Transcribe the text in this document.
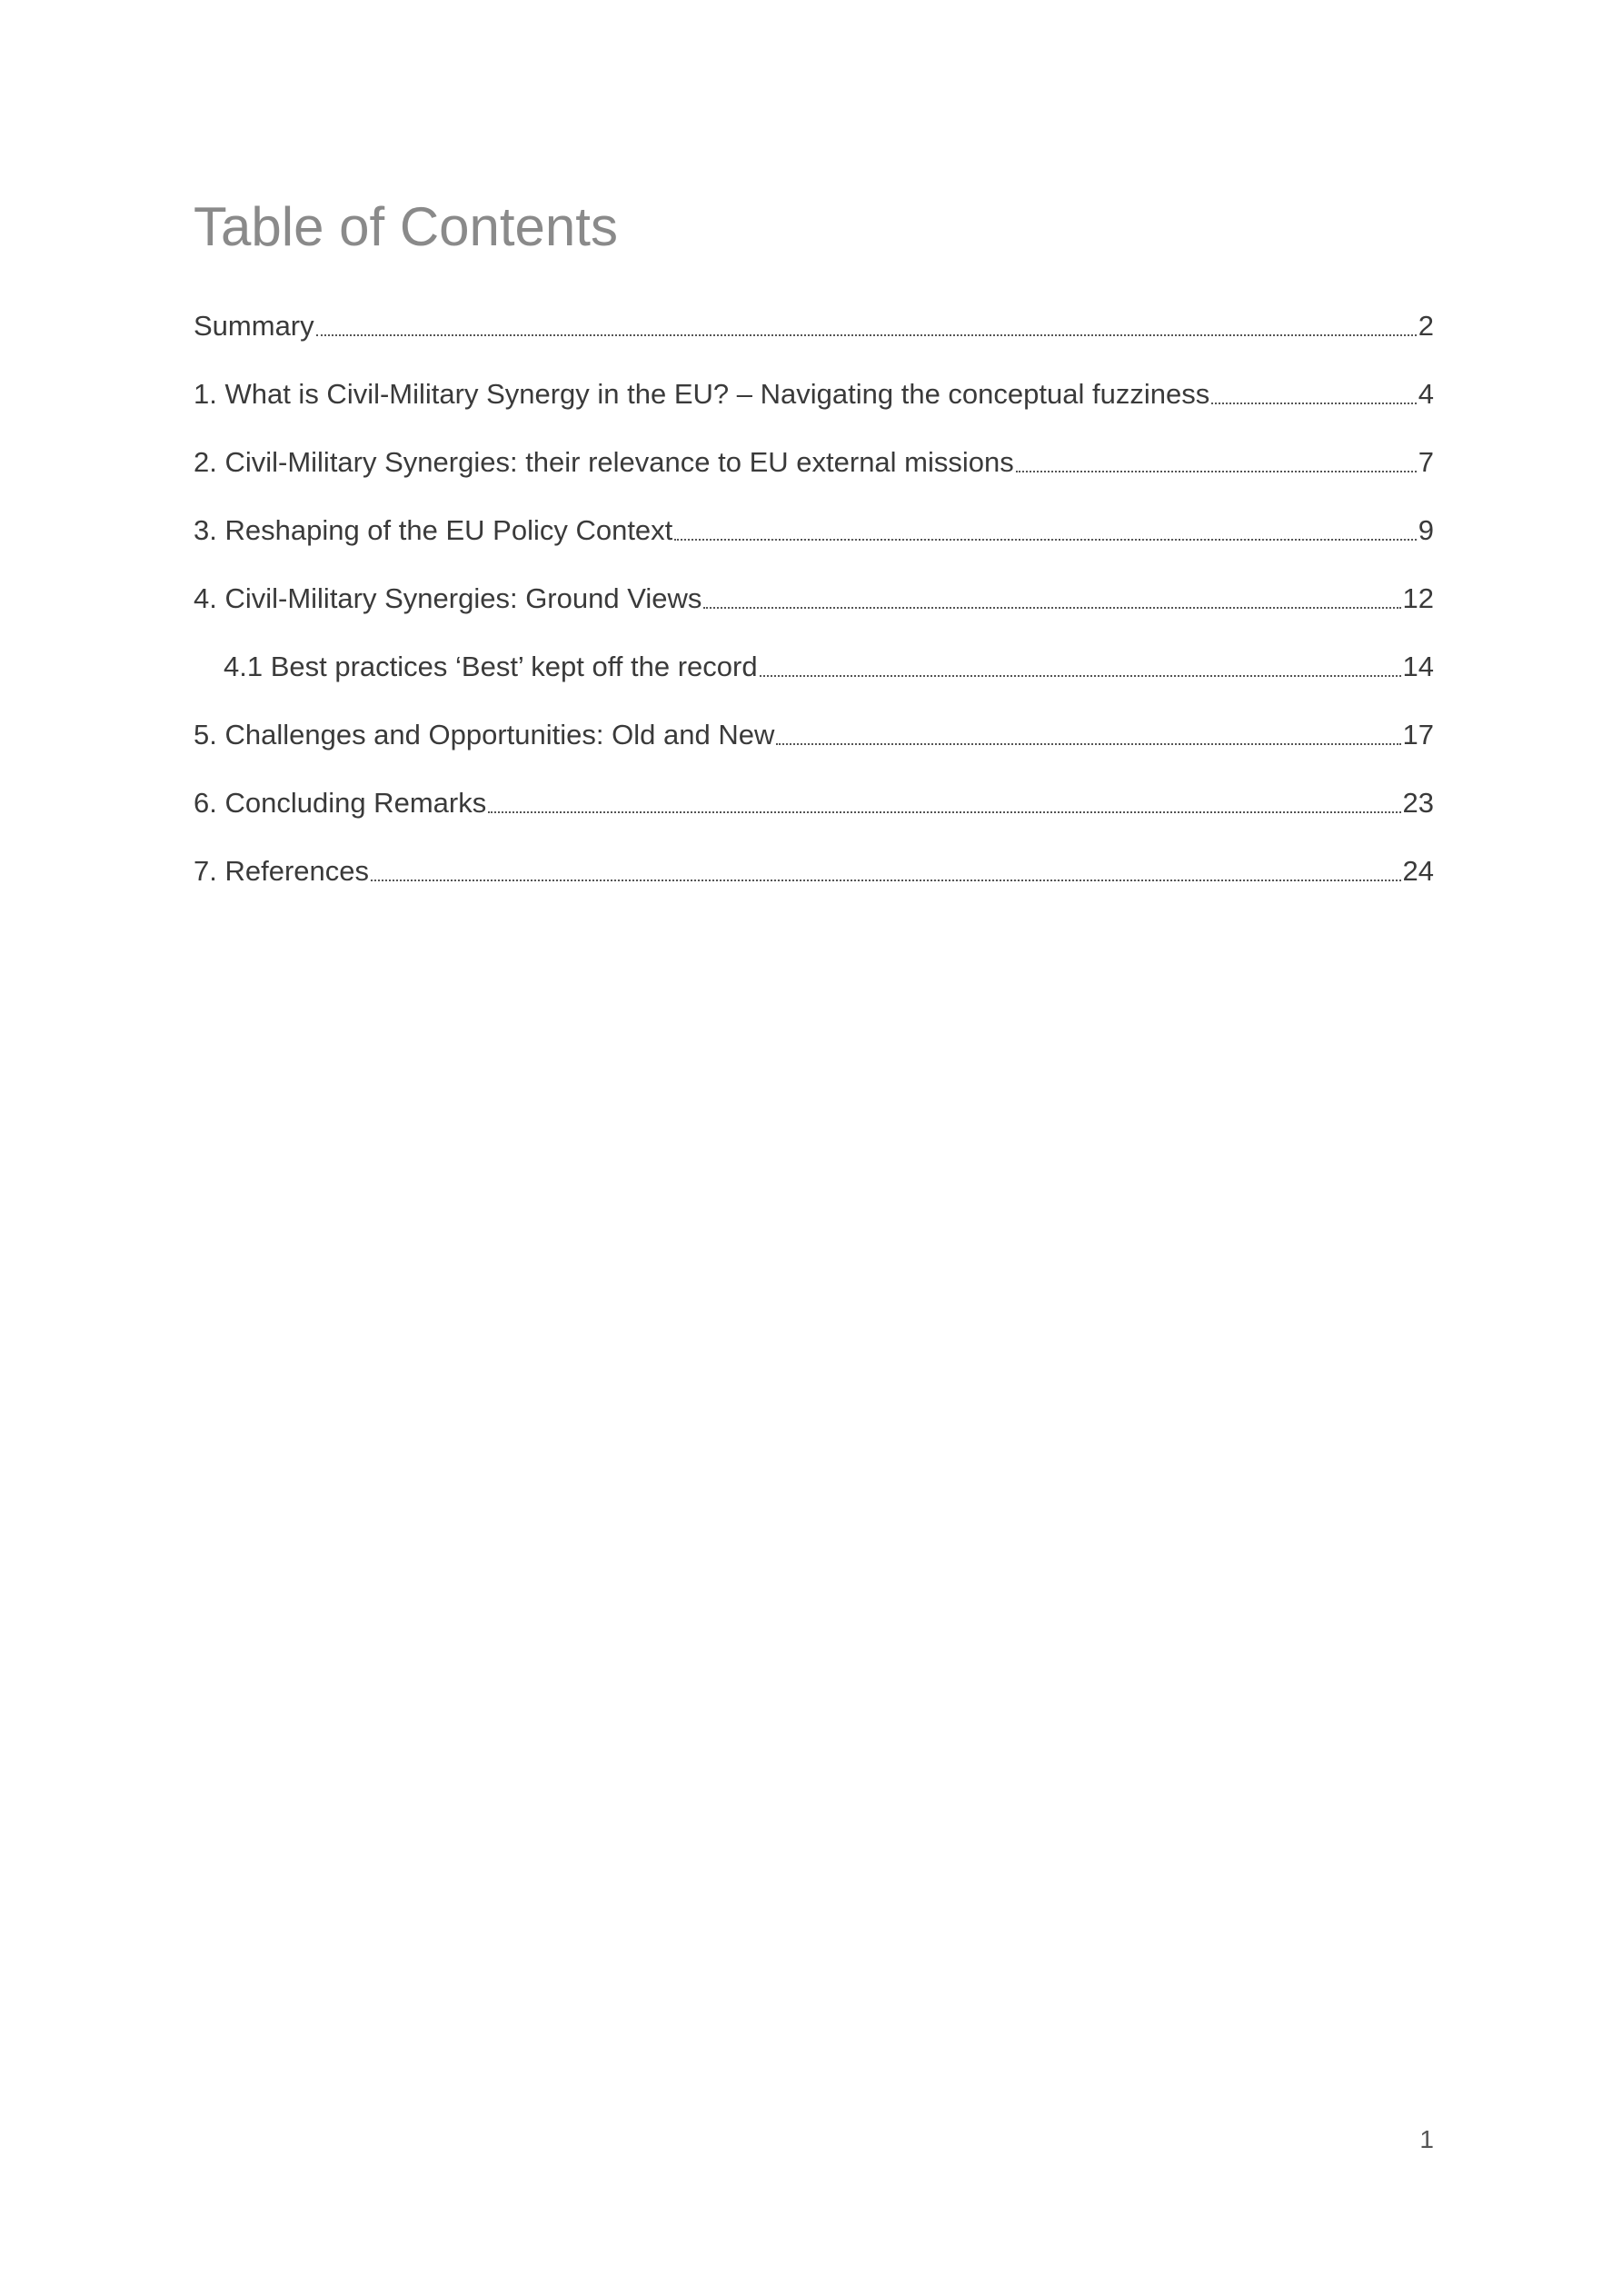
Table of Contents
Summary	2
1. What is Civil-Military Synergy in the EU? – Navigating the conceptual fuzziness	4
2. Civil-Military Synergies: their relevance to EU external missions	7
3. Reshaping of the EU Policy Context	9
4. Civil-Military Synergies: Ground Views	12
4.1 Best practices ‘Best’ kept off the record	14
5. Challenges and Opportunities: Old and New	17
6. Concluding Remarks	23
7. References	24
1
